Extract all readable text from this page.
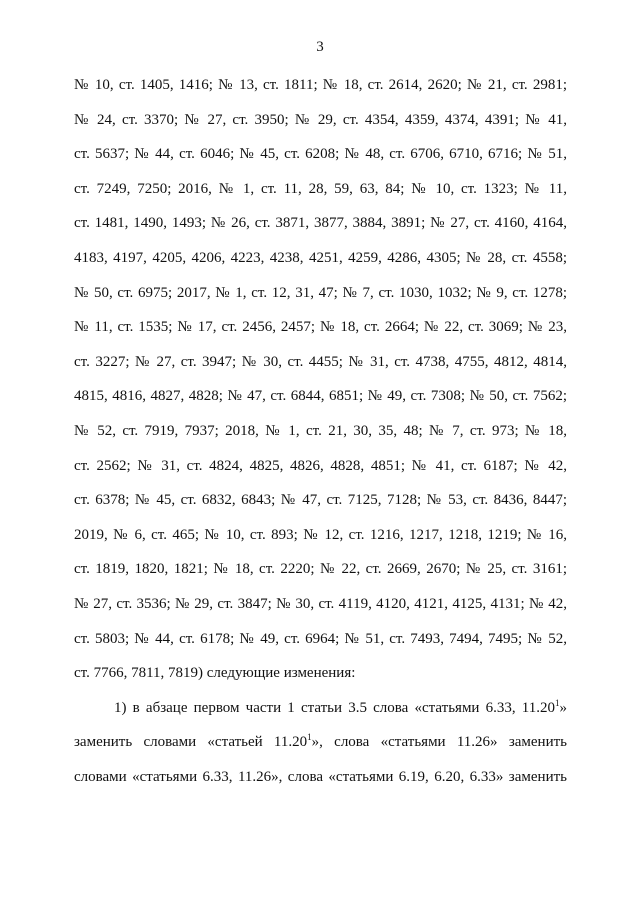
3
№ 10, ст. 1405, 1416; № 13, ст. 1811; № 18, ст. 2614, 2620; № 21, ст. 2981;
№ 24, ст. 3370; № 27, ст. 3950; № 29, ст. 4354, 4359, 4374, 4391; № 41,
ст. 5637; № 44, ст. 6046; № 45, ст. 6208; № 48, ст. 6706, 6710, 6716; № 51,
ст. 7249, 7250; 2016, № 1, ст. 11, 28, 59, 63, 84; № 10, ст. 1323; № 11,
ст. 1481, 1490, 1493; № 26, ст. 3871, 3877, 3884, 3891; № 27, ст. 4160, 4164,
4183, 4197, 4205, 4206, 4223, 4238, 4251, 4259, 4286, 4305; № 28, ст. 4558;
№ 50, ст. 6975; 2017, № 1, ст. 12, 31, 47; № 7, ст. 1030, 1032; № 9, ст. 1278;
№ 11, ст. 1535; № 17, ст. 2456, 2457; № 18, ст. 2664; № 22, ст. 3069; № 23,
ст. 3227; № 27, ст. 3947; № 30, ст. 4455; № 31, ст. 4738, 4755, 4812, 4814,
4815, 4816, 4827, 4828; № 47, ст. 6844, 6851; № 49, ст. 7308; № 50, ст. 7562;
№ 52, ст. 7919, 7937; 2018, № 1, ст. 21, 30, 35, 48; № 7, ст. 973; № 18,
ст. 2562; № 31, ст. 4824, 4825, 4826, 4828, 4851; № 41, ст. 6187; № 42,
ст. 6378; № 45, ст. 6832, 6843; № 47, ст. 7125, 7128; № 53, ст. 8436, 8447;
2019, № 6, ст. 465; № 10, ст. 893; № 12, ст. 1216, 1217, 1218, 1219; № 16,
ст. 1819, 1820, 1821; № 18, ст. 2220; № 22, ст. 2669, 2670; № 25, ст. 3161;
№ 27, ст. 3536; № 29, ст. 3847; № 30, ст. 4119, 4120, 4121, 4125, 4131; № 42,
ст. 5803; № 44, ст. 6178; № 49, ст. 6964; № 51, ст. 7493, 7494, 7495; № 52,
ст. 7766, 7811, 7819) следующие изменения:
1) в абзаце первом части 1 статьи 3.5 слова «статьями 6.33, 11.20$^1$»
заменить словами «статьей 11.20$^1$», слова «статьями 11.26» заменить
словами «статьями 6.33, 11.26», слова «статьями 6.19, 6.20, 6.33» заменить
